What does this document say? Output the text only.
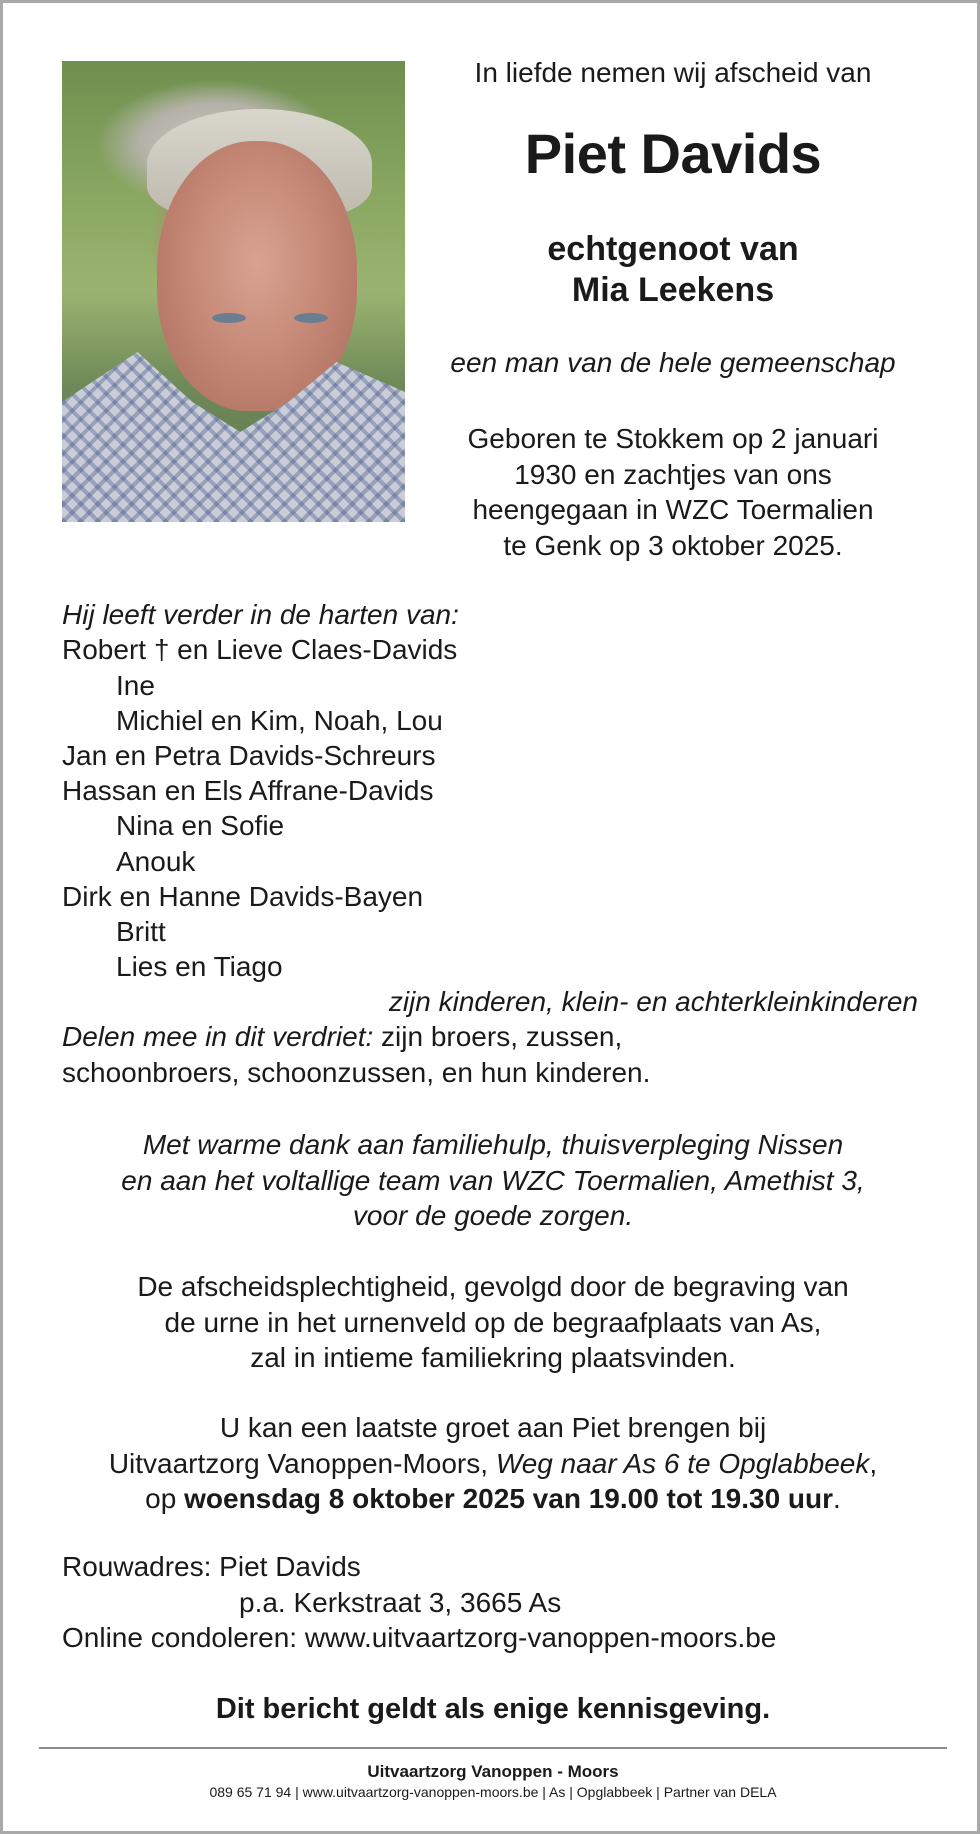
In liefde nemen wij afscheid van
Piet Davids
echtgenoot van
Mia Leekens
een man van de hele gemeenschap
Geboren te Stokkem op 2 januari
1930 en zachtjes van ons
heengegaan in WZC Toermalien
te Genk op 3 oktober 2025.
Hij leeft verder in de harten van:
Robert † en Lieve Claes-Davids
Ine
Michiel en Kim, Noah, Lou
Jan en Petra Davids-Schreurs
Hassan en Els Affrane-Davids
Nina en Sofie
Anouk
Dirk en Hanne Davids-Bayen
Britt
Lies en Tiago
zijn kinderen, klein- en achterkleinkinderen
Delen mee in dit verdriet: zijn broers, zussen,
schoonbroers, schoonzussen, en hun kinderen.
Met warme dank aan familiehulp, thuisverpleging Nissen
en aan het voltallige team van WZC Toermalien, Amethist 3,
voor de goede zorgen.
De afscheidsplechtigheid, gevolgd door de begraving van
de urne in het urnenveld op de begraafplaats van As,
zal in intieme familiekring plaatsvinden.
U kan een laatste groet aan Piet brengen bij
Uitvaartzorg Vanoppen-Moors, Weg naar As 6 te Opglabbeek,
op woensdag 8 oktober 2025 van 19.00 tot 19.30 uur.
Rouwadres: Piet Davids
p.a. Kerkstraat 3, 3665 As
Online condoleren: www.uitvaartzorg-vanoppen-moors.be
Dit bericht geldt als enige kennisgeving.
Uitvaartzorg Vanoppen - Moors
089 65 71 94 | www.uitvaartzorg-vanoppen-moors.be | As | Opglabbeek | Partner van DELA
